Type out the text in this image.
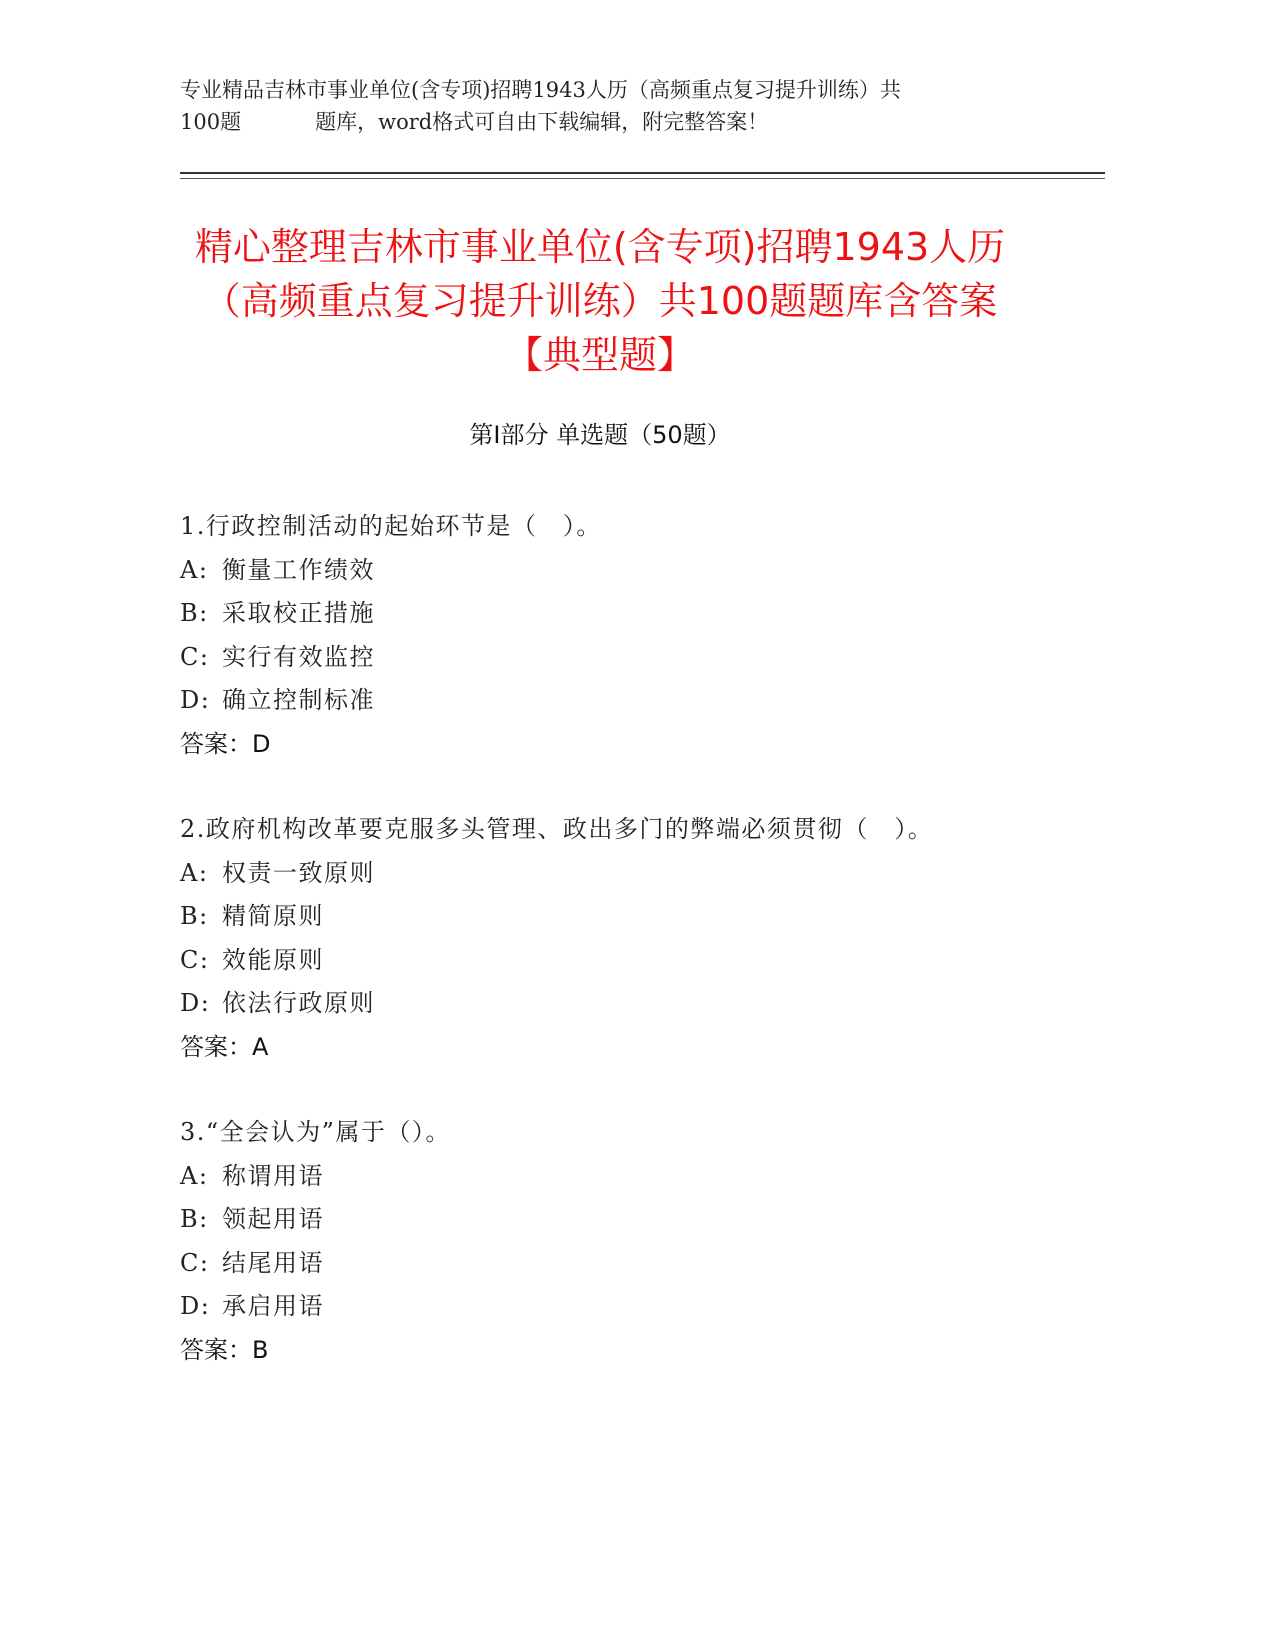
专业精品吉林市事业单位(含专项)招聘1943人历（高频重点复习提升训练）共
100题	题库，word格式可自由下载编辑，附完整答案！
精心整理吉林市事业单位(含专项)招聘1943人历（高频重点复习提升训练）共100题题库含答案【典型题】
第I部分 单选题（50题）
1.行政控制活动的起始环节是（　）。
A: 衡量工作绩效
B: 采取校正措施
C: 实行有效监控
D: 确立控制标准
答案：D
2.政府机构改革要克服多头管理、政出多门的弊端必须贯彻（　）。
A: 权责一致原则
B: 精简原则
C: 效能原则
D: 依法行政原则
答案：A
3.“全会认为”属于（）。
A: 称谓用语
B: 领起用语
C: 结尾用语
D: 承启用语
答案：B
